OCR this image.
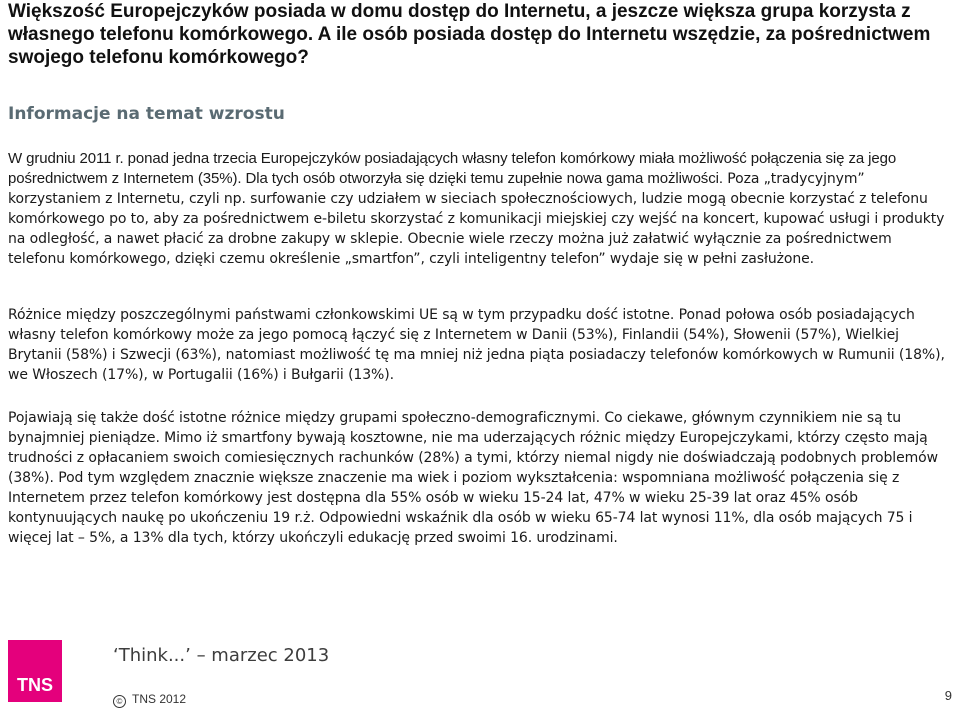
Większość Europejczyków posiada w domu dostęp do Internetu, a jeszcze większa grupa korzysta z własnego telefonu komórkowego. A ile osób posiada dostęp do Internetu wszędzie, za pośrednictwem swojego telefonu komórkowego?
Informacje na temat wzrostu

W grudniu 2011 r. ponad jedna trzecia Europejczyków posiadających własny telefon komórkowy miała możliwość połączenia się za jego pośrednictwem z Internetem (35%). Dla tych osób otworzyła się dzięki temu zupełnie nowa gama możliwości. Poza „tradycyjnym” korzystaniem z Internetu, czyli np. surfowanie czy udziałem w sieciach społecznościowych, ludzie mogą obecnie korzystać z telefonu komórkowego po to, aby za pośrednictwem e-biletu skorzystać z komunikacji miejskiej czy wejść na koncert, kupować usługi i produkty na odległość, a nawet płacić za drobne zakupy w sklepie. Obecnie wiele rzeczy można już załatwić wyłącznie za pośrednictwem telefonu komórkowego, dzięki czemu określenie „smartfon”, czyli inteligentny telefon” wydaje się w pełni zasłużone.

Różnice między poszczególnymi państwami członkowskimi UE są w tym przypadku dość istotne. Ponad połowa osób posiadających własny telefon komórkowy może za jego pomocą łączyć się z Internetem w Danii (53%), Finlandii (54%), Słowenii (57%), Wielkiej Brytanii (58%) i Szwecji (63%), natomiast możliwość tę ma mniej niż jedna piąta posiadaczy telefonów komórkowych w Rumunii (18%), we Włoszech (17%), w Portugalii (16%) i Bułgarii (13%).

Pojawiają się także dość istotne różnice między grupami społeczno-demograficznymi. Co ciekawe, głównym czynnikiem nie są tu bynajmniej pieniądze. Mimo iż smartfony bywają kosztowne, nie ma uderzających różnic między Europejczykami, którzy często mają trudności z opłacaniem swoich comiesięcznych rachunków (28%) a tymi, którzy niemal nigdy nie doświadczają podobnych problemów (38%). Pod tym względem znacznie większe znaczenie ma wiek i poziom wykształcenia: wspomniana możliwość połączenia się z Internetem przez telefon komórkowy jest dostępna dla 55% osób w wieku 15-24 lat, 47% w wieku 25-39 lat oraz 45% osób kontynuujących naukę po ukończeniu 19 r.ż. Odpowiedni wskaźnik dla osób w wieku 65-74 lat wynosi 11%, dla osób mających 75 i więcej lat – 5%, a 13% dla tych, którzy ukończyli edukację przed swoimi 16. urodzinami.

TNS
‘Think...’ – marzec 2013
© TNS 2012	9
